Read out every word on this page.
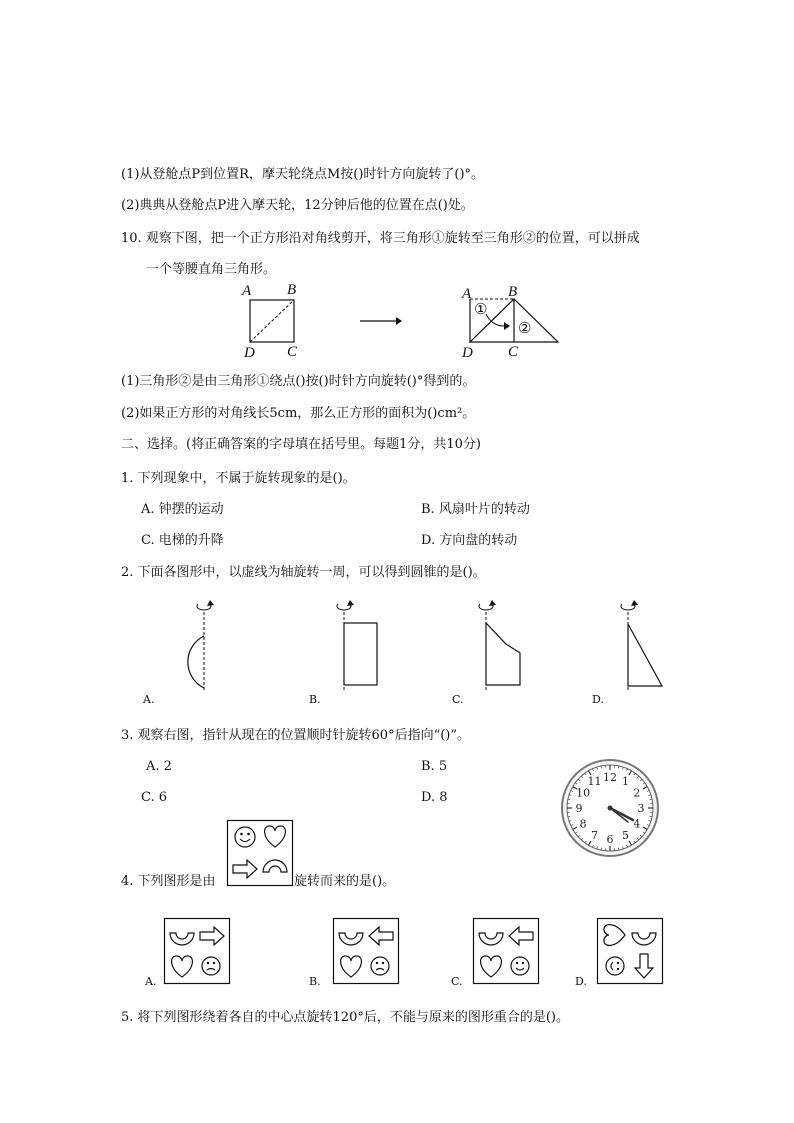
(1)从登舱点P到位置R，摩天轮绕点M按()时针方向旋转了()°。
(2)典典从登舱点P进入摩天轮，12分钟后他的位置在点()处。
10. 观察下图，把一个正方形沿对角线剪开，将三角形①旋转至三角形②的位置，可以拼成
一个等腰直角三角形。
A B
C
D
A B
C
D
①
②
(1)三角形②是由三角形①绕点()按()时针方向旋转()°得到的。
(2)如果正方形的对角线长5cm，那么正方形的面积为()cm²。
二、选择。(将正确答案的字母填在括号里。每题1分，共10分)
1. 下列现象中，不属于旋转现象的是()。
A. 钟摆的运动	B. 风扇叶片的转动
C. 电梯的升降	D. 方向盘的转动
2. 下面各图形中，以虚线为轴旋转一周，可以得到圆锥的是()。
A.	B.	C.	D.
3. 观察右图，指针从现在的位置顺时针旋转60°后指向“()”。
A. 2	B. 5
C. 6	D. 8
12 1
2
3
4
5
6
7
8
9
10
11
4. 下列图形是由	旋转而来的是()。
A.	B.	C.	D.
5. 将下列图形绕着各自的中心点旋转120°后，不能与原来的图形重合的是()。
